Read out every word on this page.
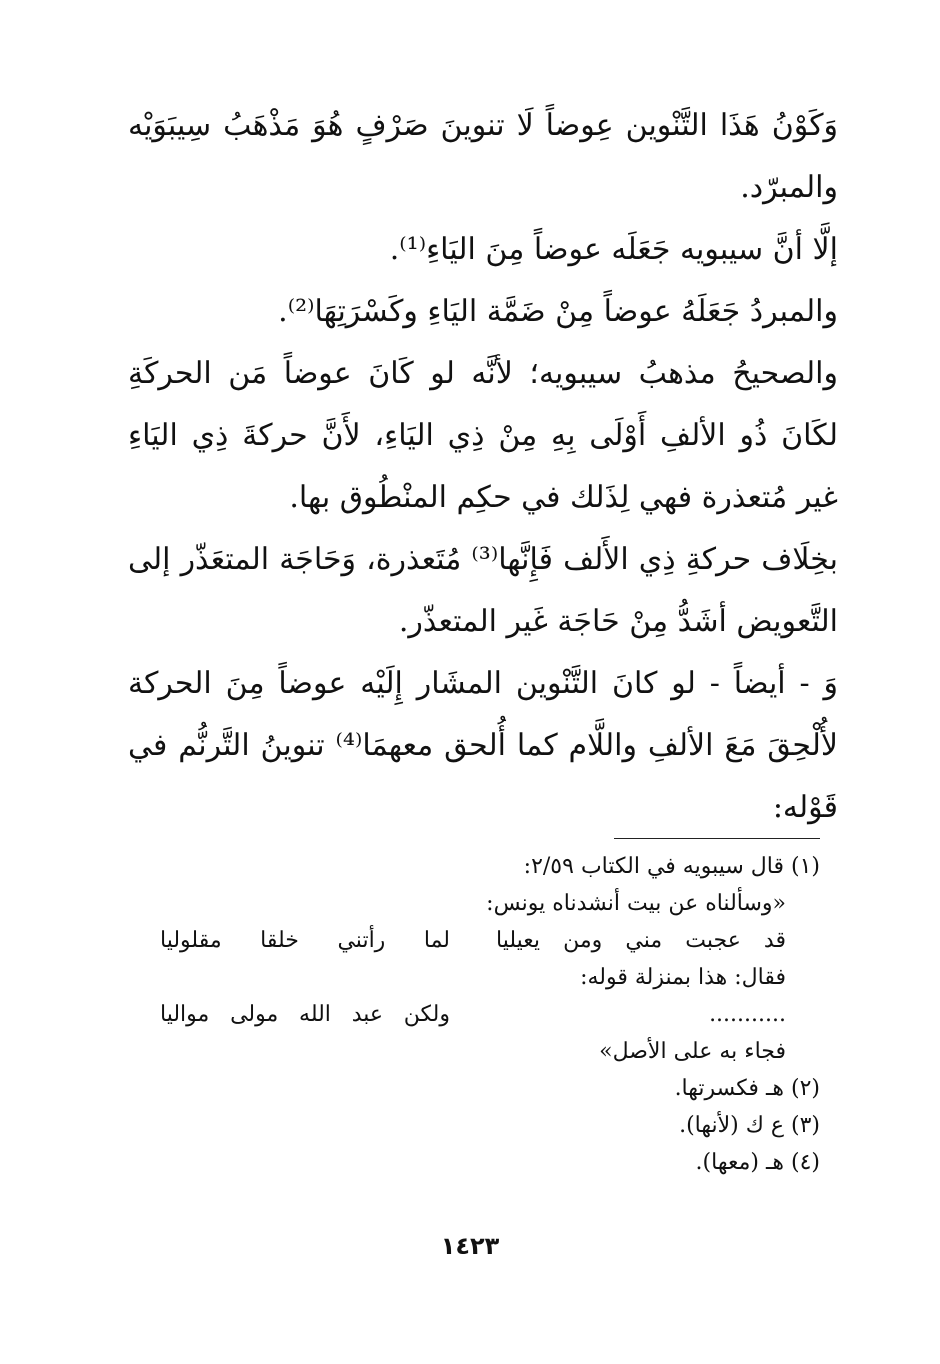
وَكَوْنُ هَذَا التَّنْوين عِوضاً لَا تنوينَ صَرْفٍ هُوَ مَذْهَبُ سِيبَوَيْه والمبرّد.

إلَّا أنَّ سيبويه جَعَلَه عوضاً مِنَ اليَاءِ⁽¹⁾.

والمبردُ جَعَلَهُ عوضاً مِنْ ضَمَّة اليَاءِ وكَسْرَتِهَا⁽²⁾.

والصحيحُ مذهبُ سيبويه؛ لأنَّه لو كَانَ عوضاً مَن الحركَةِ لكَانَ ذُو الألفِ أَوْلَى بِهِ مِنْ ذِي اليَاءِ، لأَنَّ حركةَ ذِي اليَاءِ غير مُتعذرة فهي لِذَلك في حكِم المنْطُوق بها.

بخِلَاف حركةِ ذِي الأَلف فَإِنَّها⁽³⁾ مُتَعذرة، وَحَاجَة المتعَذّر إلى التَّعويض أشَدُّ مِنْ حَاجَة غَير المتعذّر.

وَ - أيضاً - لو كانَ التَّنْوين المشَار إِلَيْه عوضاً مِنَ الحركة لأُلْحِقَ مَعَ الألفِ واللَّام كما أُلحق معهمَا⁽⁴⁾ تنوينُ التَّرنُّم في قَوْله:

(١) قال سيبويه في الكتاب ٢/٥٩:

«وسألناه عن بيت أنشدناه يونس:

قد عجبت مني ومن يعيليا
لما رأتني خلقا مقلوليا

فقال: هذا بمنزلة قوله:

...........
ولكن عبد الله مولى مواليا

فجاء به على الأصل»

(٢) هـ فكسرتها.

(٣) ع ك (لأنها).

(٤) هـ (معها).

١٤٢٣
